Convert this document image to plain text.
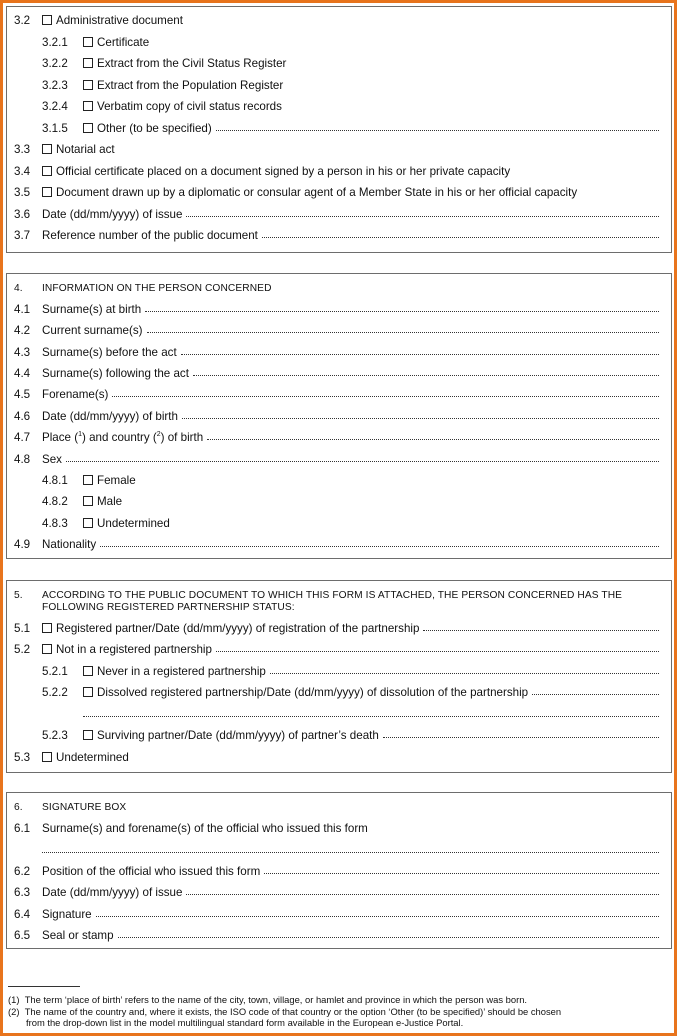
3.2	Administrative document
3.2.1	Certificate
3.2.2	Extract from the Civil Status Register
3.2.3	Extract from the Population Register
3.2.4	Verbatim copy of civil status records
3.1.5	Other (to be specified)
3.3	Notarial act
3.4	Official certificate placed on a document signed by a person in his or her private capacity
3.5	Document drawn up by a diplomatic or consular agent of a Member State in his or her official capacity
3.6	Date (dd/mm/yyyy) of issue
3.7	Reference number of the public document
4.	INFORMATION ON THE PERSON CONCERNED
4.1	Surname(s) at birth
4.2	Current surname(s)
4.3	Surname(s) before the act
4.4	Surname(s) following the act
4.5	Forename(s)
4.6	Date (dd/mm/yyyy) of birth
4.7	Place ($^1$) and country ($^2$) of birth
4.8	Sex
4.8.1	Female
4.8.2	Male
4.8.3	Undetermined
4.9	Nationality
5.	ACCORDING TO THE PUBLIC DOCUMENT TO WHICH THIS FORM IS ATTACHED, THE PERSON CONCERNED HAS THE
FOLLOWING REGISTERED PARTNERSHIP STATUS:
5.1	Registered partner/Date (dd/mm/yyyy) of registration of the partnership
5.2	Not in a registered partnership
5.2.1	Never in a registered partnership
5.2.2	Dissolved registered partnership/Date (dd/mm/yyyy) of dissolution of the partnership
5.2.3	Surviving partner/Date (dd/mm/yyyy) of partner’s death
5.3	Undetermined
6.	SIGNATURE BOX
6.1	Surname(s) and forename(s) of the official who issued this form
6.2	Position of the official who issued this form
6.3	Date (dd/mm/yyyy) of issue
6.4	Signature
6.5	Seal or stamp
(1) The term ‘place of birth’ refers to the name of the city, town, village, or hamlet and province in which the person was born.
(2) The name of the country and, where it exists, the ISO code of that country or the option ‘Other (to be specified)’ should be chosen
from the drop-down list in the model multilingual standard form available in the European e-Justice Portal.
